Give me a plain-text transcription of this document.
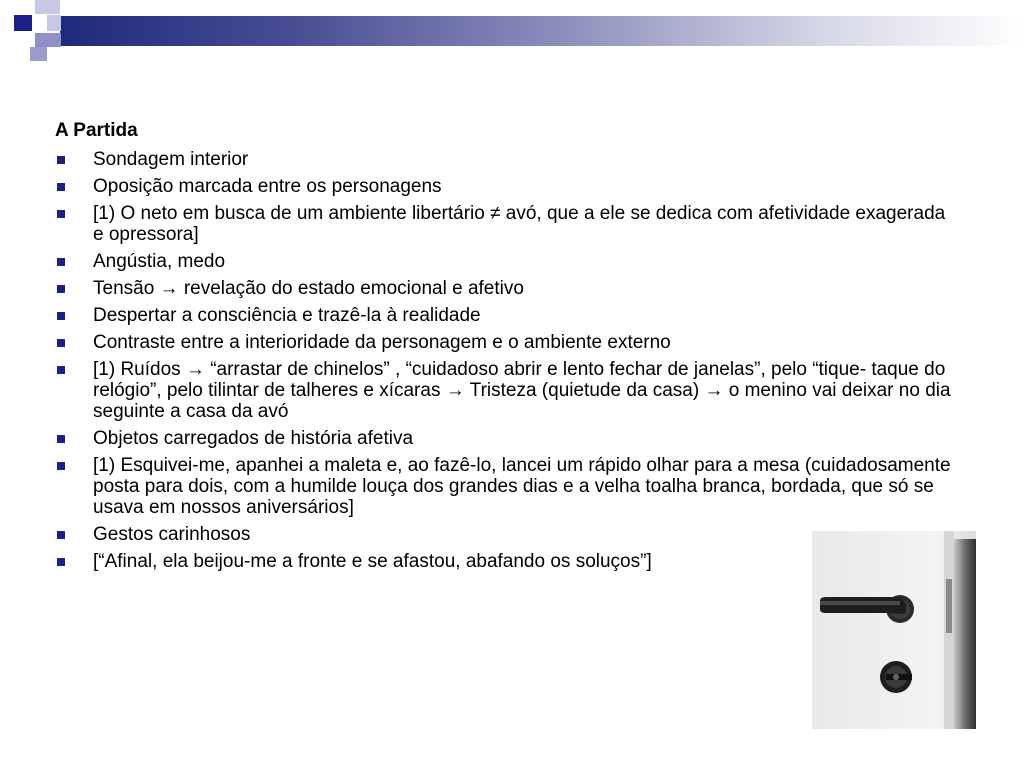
A Partida
Sondagem interior
Oposição marcada entre os personagens
[1) O neto em busca de um ambiente libertário ≠ avó, que a ele se dedica com afetividade exagerada e opressora]
Angústia, medo
Tensão → revelação do estado emocional e afetivo
Despertar a consciência e trazê-la à realidade
Contraste entre a interioridade da personagem e o ambiente externo
[1) Ruídos → “arrastar de chinelos” , “cuidadoso abrir e lento fechar de janelas”, pelo “tique- taque do relógio”, pelo tilintar de talheres e xícaras → Tristeza (quietude da casa) → o menino vai deixar no dia seguinte a casa da avó
Objetos carregados de história afetiva
[1) Esquivei-me, apanhei a maleta e, ao fazê-lo, lancei um rápido olhar para a mesa (cuidadosamente posta para dois, com a humilde louça dos grandes dias e a velha toalha branca, bordada, que só se usava em nossos aniversários]
Gestos carinhosos
[“Afinal, ela beijou-me a fronte e se afastou, abafando os soluços”]
